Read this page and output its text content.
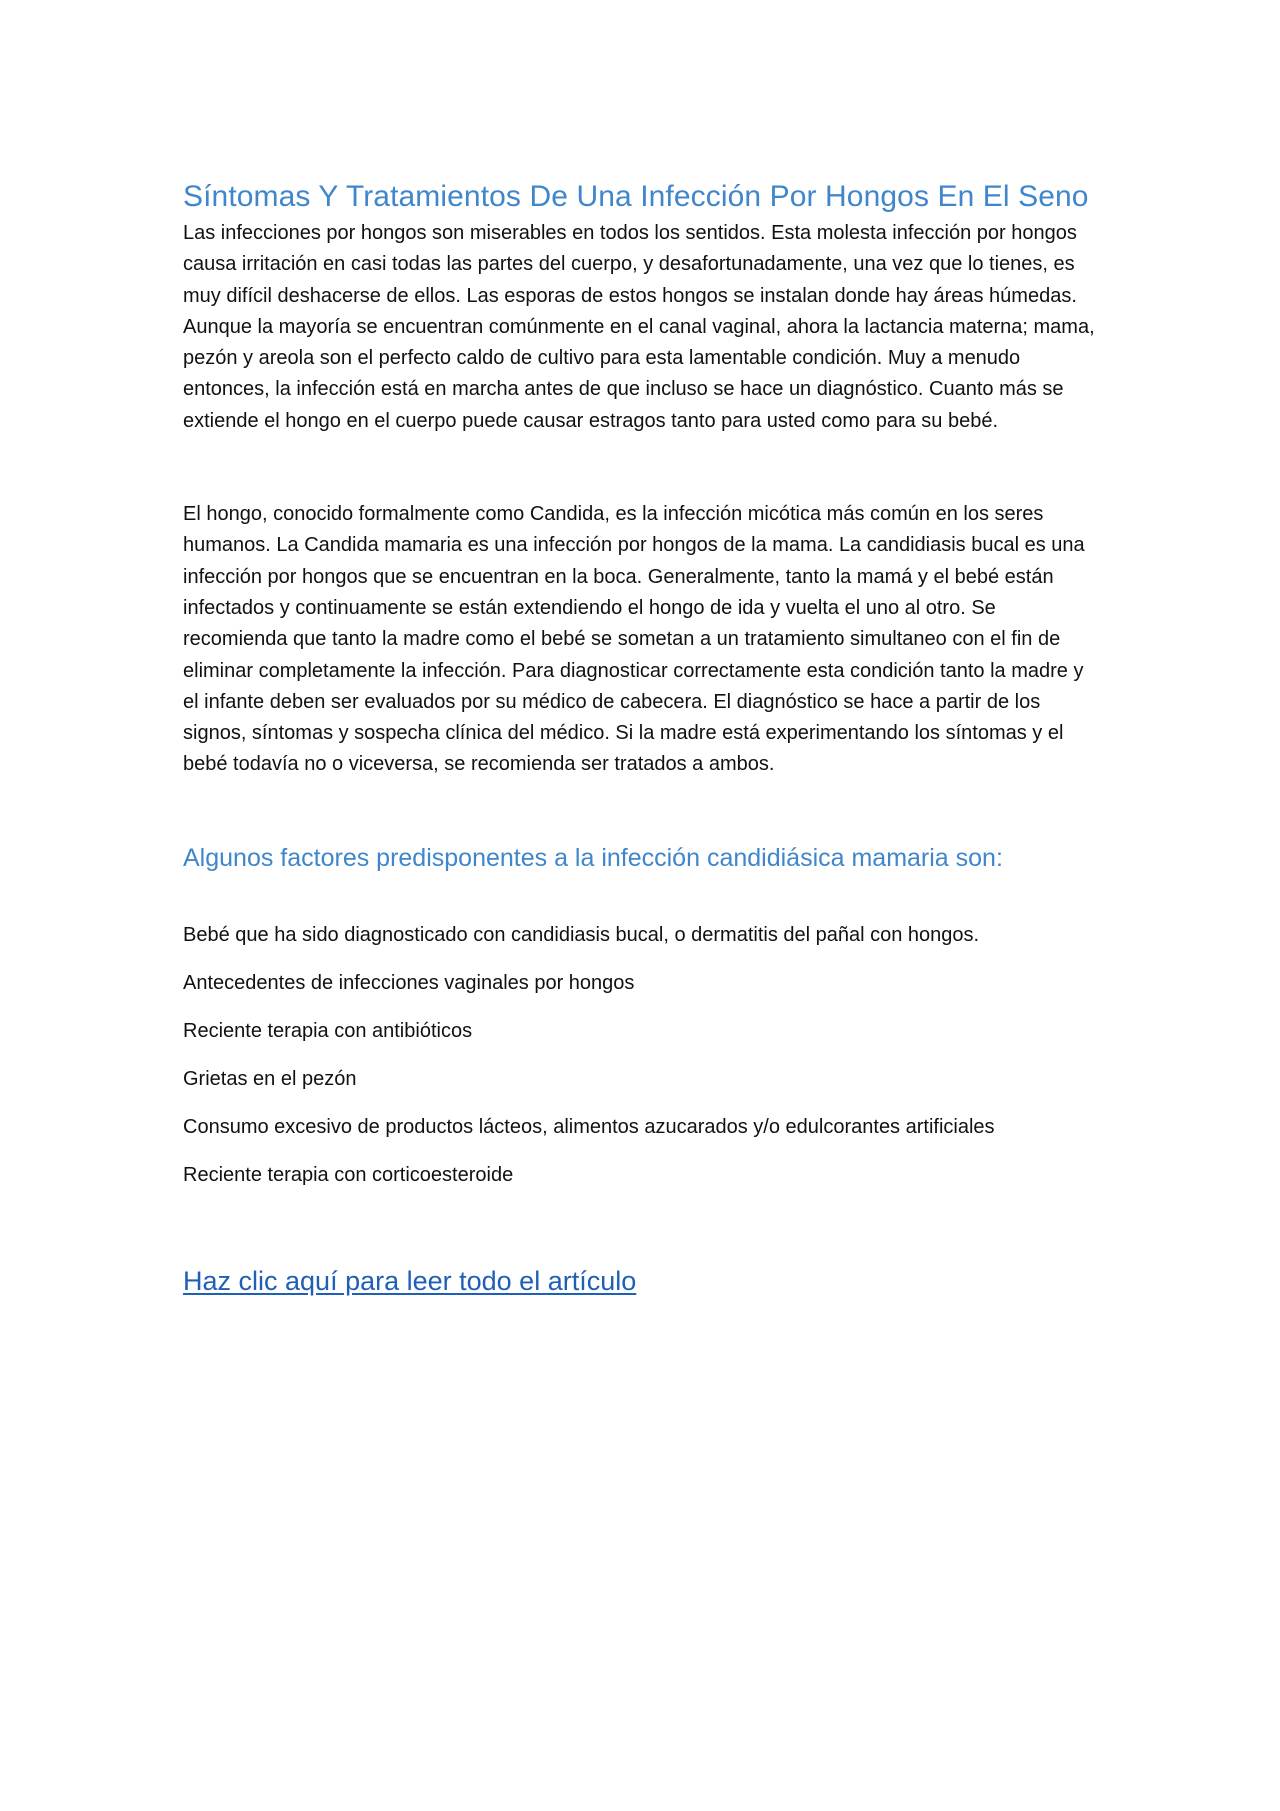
Síntomas Y Tratamientos De Una Infección Por Hongos En El Seno

Las infecciones por hongos son miserables en todos los sentidos. Esta molesta infección por hongos causa irritación en casi todas las partes del cuerpo, y desafortunadamente, una vez que lo tienes, es muy difícil deshacerse de ellos. Las esporas de estos hongos se instalan donde hay áreas húmedas. Aunque la mayoría se encuentran comúnmente en el canal vaginal, ahora la lactancia materna; mama, pezón y areola son el perfecto caldo de cultivo para esta lamentable condición. Muy a menudo entonces, la infección está en marcha antes de que incluso se hace un diagnóstico. Cuanto más se extiende el hongo en el cuerpo puede causar estragos tanto para usted como para su bebé.

El hongo, conocido formalmente como Candida, es la infección micótica más común en los seres humanos. La Candida mamaria es una infección por hongos de la mama. La candidiasis bucal es una infección por hongos que se encuentran en la boca. Generalmente, tanto la mamá y el bebé están infectados y continuamente se están extendiendo el hongo de ida y vuelta el uno al otro. Se recomienda que tanto la madre como el bebé se sometan a un tratamiento simultaneo con el fin de eliminar completamente la infección. Para diagnosticar correctamente esta condición tanto la madre y el infante deben ser evaluados por su médico de cabecera. El diagnóstico se hace a partir de los signos, síntomas y sospecha clínica del médico. Si la madre está experimentando los síntomas y el bebé todavía no o viceversa, se recomienda ser tratados a ambos.

Algunos factores predisponentes a la infección candidiásica mamaria son:
Bebé que ha sido diagnosticado con candidiasis bucal, o dermatitis del pañal con hongos.
Antecedentes de infecciones vaginales por hongos
Reciente terapia con antibióticos
Grietas en el pezón
Consumo excesivo de productos lácteos, alimentos azucarados y/o edulcorantes artificiales
Reciente terapia con corticoesteroide
Haz clic aquí para leer todo el artículo
